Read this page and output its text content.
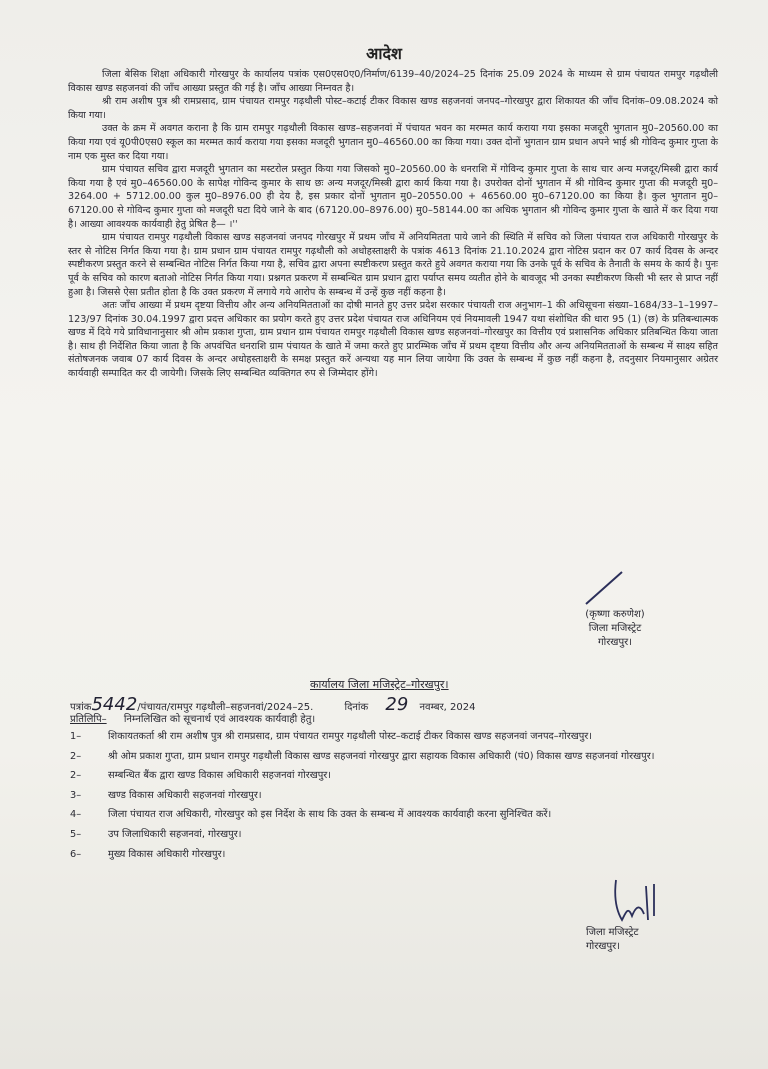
आदेश

जिला बेसिक शिक्षा अधिकारी गोरखपुर के कार्यालय पत्रांक एस0एस0ए0/निर्माण/6139–40/2024–25 दिनांक 25.09 2024 के माध्यम से ग्राम पंचायत रामपुर गढ़थौली विकास खण्ड सहजनवां की जाँच आख्या प्रस्तुत की गई है। जाँच आख्या निम्नवत है।

श्री राम अशीष पुत्र श्री रामप्रसाद, ग्राम पंचायत रामपुर गढ़थौली पोस्ट–कटाई टीकर विकास खण्ड सहजनवां जनपद–गोरखपुर द्वारा शिकायत की जाँच दिनांक–09.08.2024 को किया गया।

उक्त के क्रम में अवगत कराना है कि ग्राम रामपुर गढ़थौली विकास खण्ड–सहजनवां में पंचायत भवन का मरम्मत कार्य कराया गया इसका मजदूरी भुगतान मु0–20560.00 का किया गया एवं यू0पी0एस0 स्कूल का मरम्मत कार्य कराया गया इसका मजदूरी भुगतान मु0–46560.00 का किया गया। उक्त दोनों भुगतान ग्राम प्रधान अपने भाई श्री गोविन्द कुमार गुप्ता के नाम एक मुस्त कर दिया गया।

ग्राम पंचायत सचिव द्वारा मजदूरी भुगतान का मस्टरोल प्रस्तुत किया गया जिसको मु0–20560.00 के धनराशि में गोविन्द कुमार गुप्ता के साथ चार अन्य मजदूर/मिस्त्री द्वारा कार्य किया गया है एवं मु0–46560.00 के सापेक्ष गोविन्द कुमार के साथ छः अन्य मजदूर/मिस्त्री द्वारा कार्य किया गया है। उपरोक्त दोनों भुगतान में श्री गोविन्द कुमार गुप्ता की मजदूरी मु0–3264.00 + 5712.00.00 कुल मु0–8976.00 ही देय है, इस प्रकार दोनों भुगतान मु0–20550.00 + 46560.00 मु0–67120.00 का किया है। कुल भुगतान मु0–67120.00 से गोविन्द कुमार गुप्ता को मजदूरी घटा दिये जाने के बाद (67120.00–8976.00) मु0–58144.00 का अधिक भुगतान श्री गोविन्द कुमार गुप्ता के खाते में कर दिया गया है। आख्या आवश्यक कार्यवाही हेतु प्रेषित है— ।''

ग्राम पंचायत रामपुर गढ़थौली विकास खण्ड सहजनवां जनपद गोरखपुर में प्रथम जाँच में अनियमितता पाये जाने की स्थिति में सचिव को जिला पंचायत राज अधिकारी गोरखपुर के स्तर से नोटिस निर्गत किया गया है। ग्राम प्रधान ग्राम पंचायत रामपुर गढ़थौली को अधोहस्ताक्षरी के पत्रांक 4613 दिनांक 21.10.2024 द्वारा नोटिस प्रदान कर 07 कार्य दिवस के अन्दर स्पष्टीकरण प्रस्तुत करने से सम्बन्धित नोटिस निर्गत किया गया है, सचिव द्वारा अपना स्पष्टीकरण प्रस्तुत करते हुये अवगत कराया गया कि उनके पूर्व के सचिव के तैनाती के समय के कार्य है। पुनः पूर्व के सचिव को कारण बताओ नोटिस निर्गत किया गया। प्रश्नगत प्रकरण में सम्बन्धित ग्राम प्रधान द्वारा पर्याप्त समय व्यतीत होने के बावजूद भी उनका स्पष्टीकरण किसी भी स्तर से प्राप्त नहीं हुआ है। जिससे ऐसा प्रतीत होता है कि उक्त प्रकरण में लगाये गये आरोप के सम्बन्ध में उन्हें कुछ नहीं कहना है।

अतः जाँच आख्या में प्रथम दृष्टया वित्तीय और अन्य अनियमितताओं का दोषी मानते हुए उत्तर प्रदेश सरकार पंचायती राज अनुभाग–1 की अधिसूचना संख्या–1684/33–1–1997–123/97 दिनांक 30.04.1997 द्वारा प्रदत्त अधिकार का प्रयोग करते हुए उत्तर प्रदेश पंचायत राज अधिनियम एवं नियमावली 1947 यथा संशोधित की धारा 95 (1) (छ) के प्रतिबन्धात्मक खण्ड में दिये गये प्राविधानानुसार श्री ओम प्रकाश गुप्ता, ग्राम प्रधान ग्राम पंचायत रामपुर गढ़थौली विकास खण्ड सहजनवां–गोरखपुर का वित्तीय एवं प्रशासनिक अधिकार प्रतिबन्धित किया जाता है। साथ ही निर्देशित किया जाता है कि अपवंचित धनराशि ग्राम पंचायत के खाते में जमा करते हुए प्रारम्भिक जाँच में प्रथम दृष्टया वित्तीय और अन्य अनियमितताओं के सम्बन्ध में साक्ष्य सहित संतोषजनक जवाब 07 कार्य दिवस के अन्दर अधोहस्ताक्षरी के समक्ष प्रस्तुत करें अन्यथा यह मान लिया जायेगा कि उक्त के सम्बन्ध में कुछ नहीं कहना है, तदनुसार नियमानुसार अग्रेतर कार्यवाही सम्पादित कर दी जायेगी। जिसके लिए सम्बन्धित व्यक्तिगत रुप से जिम्मेदार होंगे।

(कृष्णा करुणेश)
जिला मजिस्ट्रेट
गोरखपुर।
कार्यालय जिला मजिस्ट्रेट–गोरखपुर।
पत्रांक5442/पंचायत/रामपुर गढ़थौली–सहजनवां/2024–25.	दिनांक 29 नवम्बर, 2024
प्रतिलिपि– निम्नलिखित को सूचनार्थ एवं आवश्यक कार्यवाही हेतु।
1–	शिकायतकर्ता श्री राम अशीष पुत्र श्री रामप्रसाद, ग्राम पंचायत रामपुर गढ़थौली पोस्ट–कटाई टीकर विकास खण्ड सहजनवां जनपद–गोरखपुर।
2–	श्री ओम प्रकाश गुप्ता, ग्राम प्रधान रामपुर गढ़थौली विकास खण्ड सहजनवां गोरखपुर द्वारा सहायक विकास अधिकारी (पं0) विकास खण्ड सहजनवां गोरखपुर।
2–	सम्बन्धित बैंक द्वारा खण्ड विकास अधिकारी सहजनवां गोरखपुर।
3–	खण्ड विकास अधिकारी सहजनवां गोरखपुर।
4–	जिला पंचायत राज अधिकारी, गोरखपुर को इस निर्देश के साथ कि उक्त के सम्बन्ध में आवश्यक कार्यवाही करना सुनिश्चित करें।
5–	उप जिलाधिकारी सहजनवां, गोरखपुर।
6–	मुख्य विकास अधिकारी गोरखपुर।
जिला मजिस्ट्रेट
गोरखपुर।
